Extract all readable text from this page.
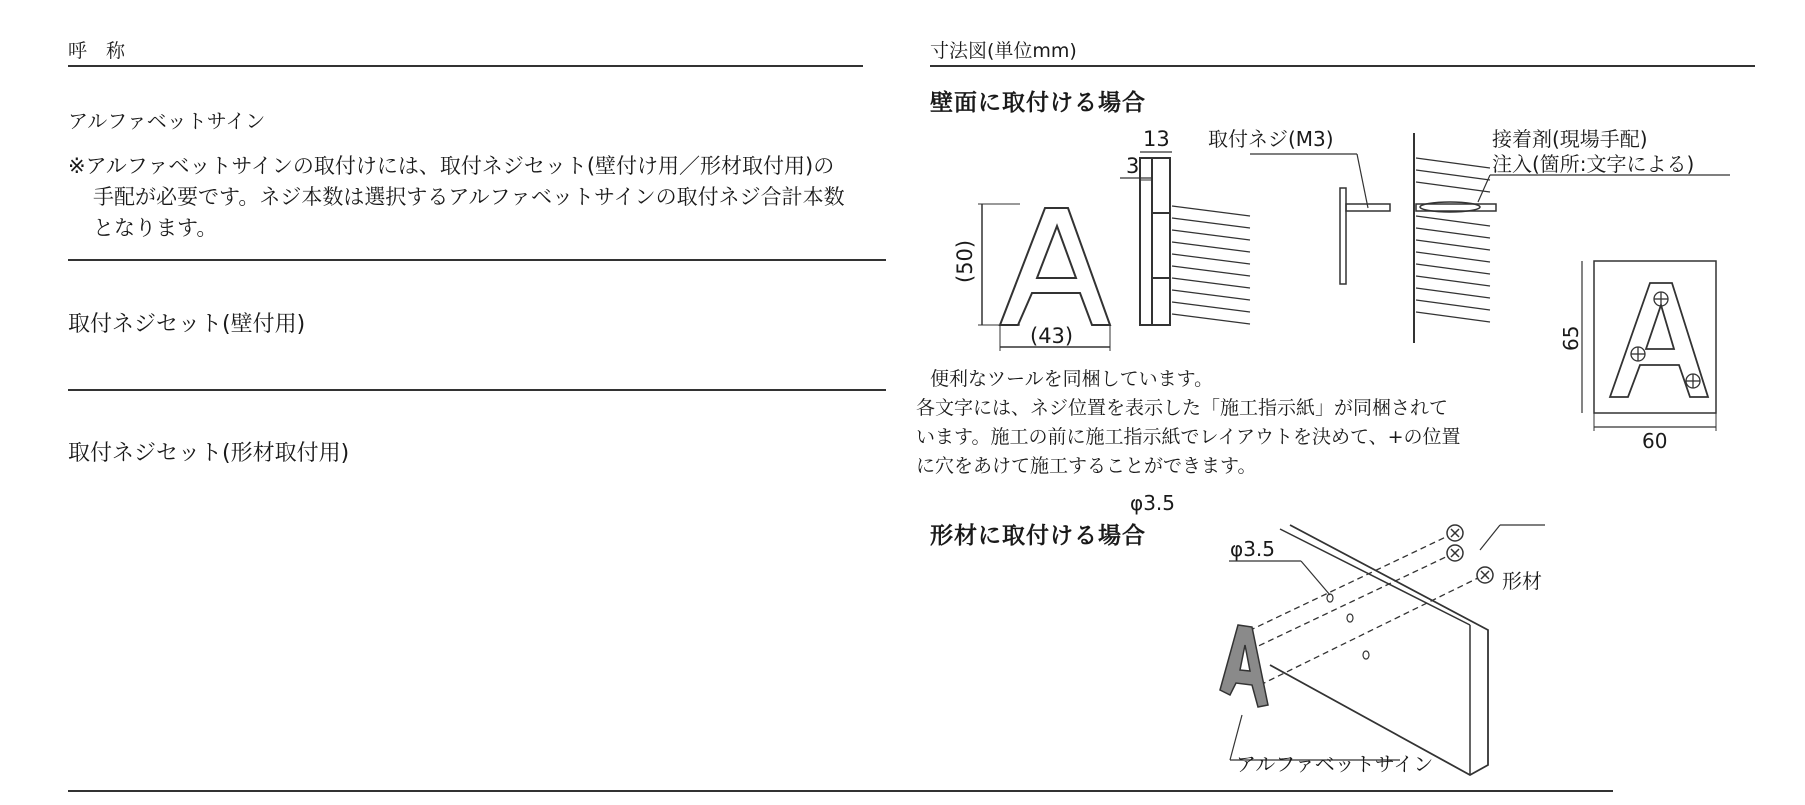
呼　称
アルファベットサイン
※アルファベットサインの取付けには、取付ネジセット(壁付け用／形材取付用)の
手配が必要です。ネジ本数は選択するアルファベットサインの取付ネジ合計本数
となります。
取付ネジセット(壁付用)
取付ネジセット(形材取付用)
寸法図(単位mm)
壁面に取付ける場合
(50)
(43)
13
3
取付ネジ(M3)	接着剤(現場手配)
注入(箇所:文字による)
65
60
便利なツールを同梱しています。
各文字には、ネジ位置を表示した「施工指示紙」が同梱されて
います。施工の前に施工指示紙でレイアウトを決めて、+の位置
に穴をあけて施工することができます。
形材に取付ける場合
φ3.5
φ3.5
形材
アルファベットサイン
